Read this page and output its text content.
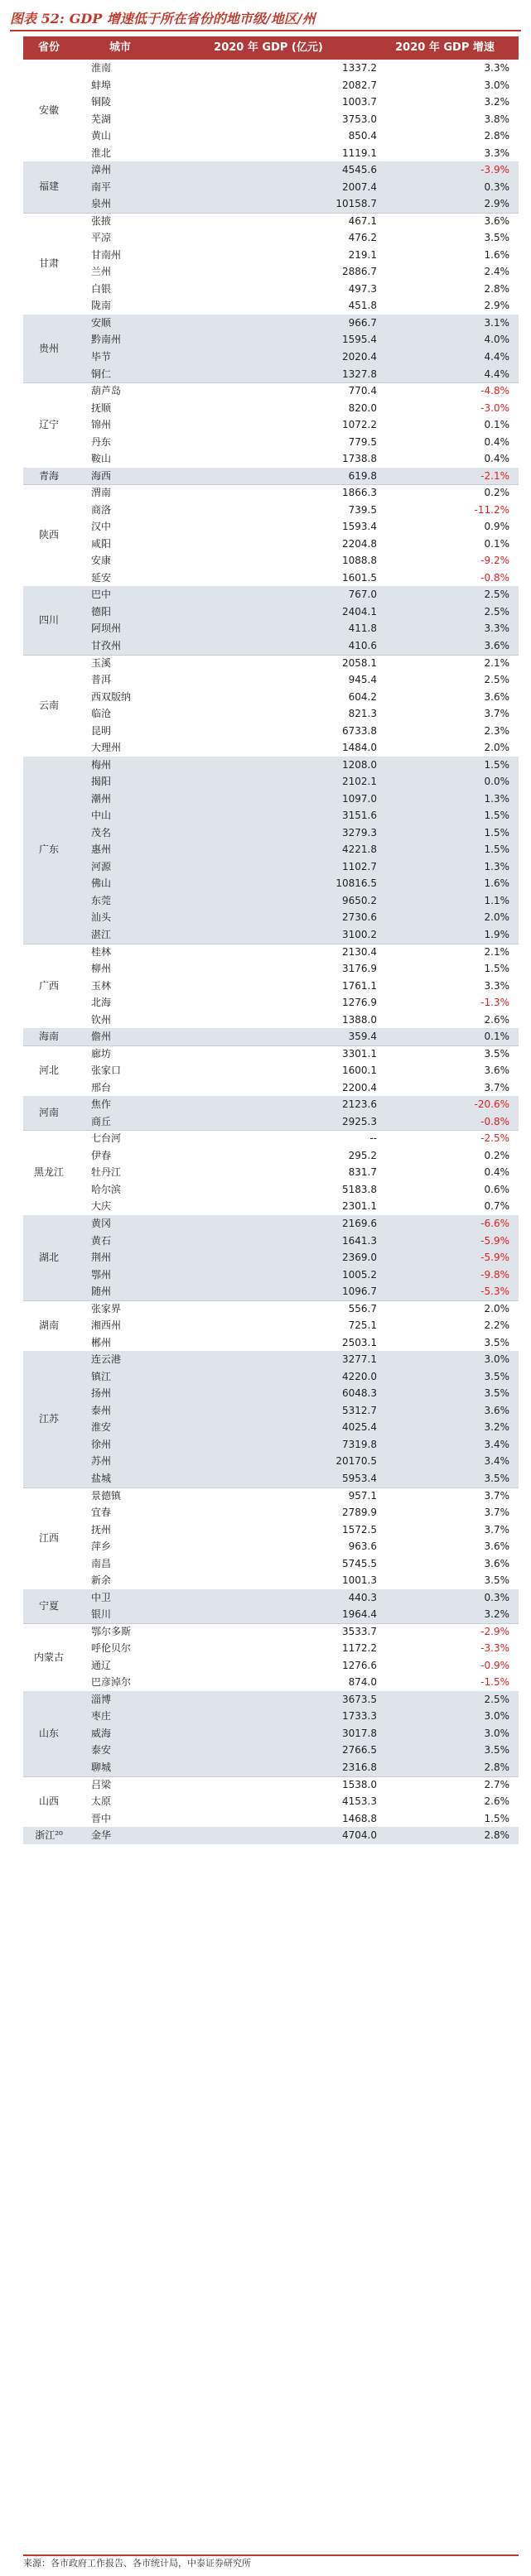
图表 52: GDP 增速低于所在省份的地市级/地区/州
省份	城市	2020 年 GDP (亿元)	2020 年 GDP 增速
安徽
淮南	1337.2	3.3%
蚌埠	2082.7	3.0%
铜陵	1003.7	3.2%
芜湖	3753.0	3.8%
黄山	850.4	2.8%
淮北	1119.1	3.3%
福建
漳州	4545.6	-3.9%
南平	2007.4	0.3%
泉州	10158.7	2.9%
甘肃
张掖	467.1	3.6%
平凉	476.2	3.5%
甘南州	219.1	1.6%
兰州	2886.7	2.4%
白银	497.3	2.8%
陇南	451.8	2.9%
贵州
安顺	966.7	3.1%
黔南州	1595.4	4.0%
毕节	2020.4	4.4%
铜仁	1327.8	4.4%
辽宁
葫芦岛	770.4	-4.8%
抚顺	820.0	-3.0%
锦州	1072.2	0.1%
丹东	779.5	0.4%
鞍山	1738.8	0.4%
青海	海西	619.8	-2.1%
陕西
渭南	1866.3	0.2%
商洛	739.5	-11.2%
汉中	1593.4	0.9%
咸阳	2204.8	0.1%
安康	1088.8	-9.2%
延安	1601.5	-0.8%
四川
巴中	767.0	2.5%
德阳	2404.1	2.5%
阿坝州	411.8	3.3%
甘孜州	410.6	3.6%
云南
玉溪	2058.1	2.1%
普洱	945.4	2.5%
西双版纳	604.2	3.6%
临沧	821.3	3.7%
昆明	6733.8	2.3%
大理州	1484.0	2.0%
广东
梅州	1208.0	1.5%
揭阳	2102.1	0.0%
潮州	1097.0	1.3%
中山	3151.6	1.5%
茂名	3279.3	1.5%
惠州	4221.8	1.5%
河源	1102.7	1.3%
佛山	10816.5	1.6%
东莞	9650.2	1.1%
汕头	2730.6	2.0%
湛江	3100.2	1.9%
广西
桂林	2130.4	2.1%
柳州	3176.9	1.5%
玉林	1761.1	3.3%
北海	1276.9	-1.3%
钦州	1388.0	2.6%
海南	儋州	359.4	0.1%
河北
廊坊	3301.1	3.5%
张家口	1600.1	3.6%
邢台	2200.4	3.7%
河南
焦作	2123.6	-20.6%
商丘	2925.3	-0.8%
黑龙江
七台河	--	-2.5%
伊春	295.2	0.2%
牡丹江	831.7	0.4%
哈尔滨	5183.8	0.6%
大庆	2301.1	0.7%
湖北
黄冈	2169.6	-6.6%
黄石	1641.3	-5.9%
荆州	2369.0	-5.9%
鄂州	1005.2	-9.8%
随州	1096.7	-5.3%
湖南
张家界	556.7	2.0%
湘西州	725.1	2.2%
郴州	2503.1	3.5%
江苏
连云港	3277.1	3.0%
镇江	4220.0	3.5%
扬州	6048.3	3.5%
泰州	5312.7	3.6%
淮安	4025.4	3.2%
徐州	7319.8	3.4%
苏州	20170.5	3.4%
盐城	5953.4	3.5%
江西
景德镇	957.1	3.7%
宜春	2789.9	3.7%
抚州	1572.5	3.7%
萍乡	963.6	3.6%
南昌	5745.5	3.6%
新余	1001.3	3.5%
宁夏
中卫	440.3	0.3%
银川	1964.4	3.2%
内蒙古
鄂尔多斯	3533.7	-2.9%
呼伦贝尔	1172.2	-3.3%
通辽	1276.6	-0.9%
巴彦淖尔	874.0	-1.5%
山东
淄博	3673.5	2.5%
枣庄	1733.3	3.0%
威海	3017.8	3.0%
泰安	2766.5	3.5%
聊城	2316.8	2.8%
山西
吕梁	1538.0	2.7%
太原	4153.3	2.6%
晋中	1468.8	1.5%
浙江²⁰	金华	4704.0	2.8%
来源：各市政府工作报告、各市统计局，中泰证券研究所
